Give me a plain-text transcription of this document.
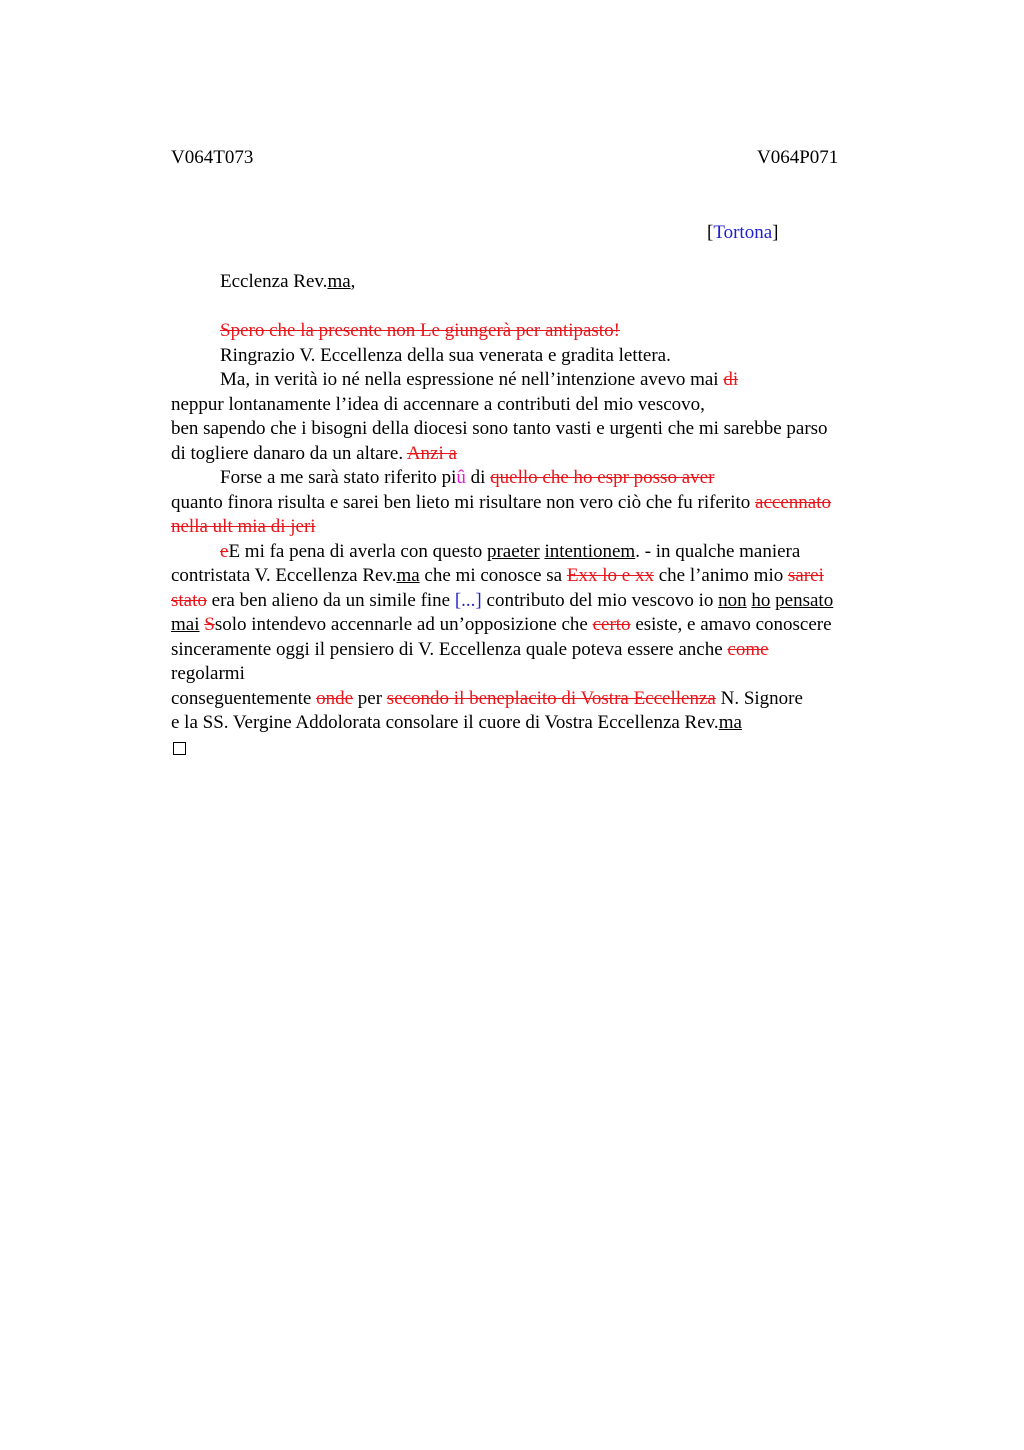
V064T073	V064P071
[Tortona]
Ecclenza Rev.ma,
Spero che la presente non Le giungerà per antipasto!
Ringrazio V. Eccellenza della sua venerata e gradita lettera.
Ma, in verità io né nella espressione né nell’intenzione avevo mai di
neppur lontanamente l’idea di accennare a contributi del mio vescovo,
ben sapendo che i bisogni della diocesi sono tanto vasti e urgenti che mi sarebbe parso
di togliere danaro da un altare. Anzi a
Forse a me sarà stato riferito piû di quello che ho espr posso aver
quanto finora risulta e sarei ben lieto mi risultare non vero ciò che fu riferito accennato
nella ult mia di jeri
eE mi fa pena di averla con questo praeter intentionem. - in qualche maniera
contristata V. Eccellenza Rev.ma che mi conosce sa Exx lo e xx che l’animo mio sarei
stato era ben alieno da un simile fine [...] contributo del mio vescovo io non ho pensato
mai Ssolo intendevo accennarle ad un’opposizione che certo esiste, e amavo conoscere
sinceramente oggi il pensiero di V. Eccellenza quale poteva essere anche come
regolarmi
conseguentemente onde per secondo il beneplacito di Vostra Eccellenza N. Signore
e la SS. Vergine Addolorata consolare il cuore di Vostra Eccellenza Rev.ma
